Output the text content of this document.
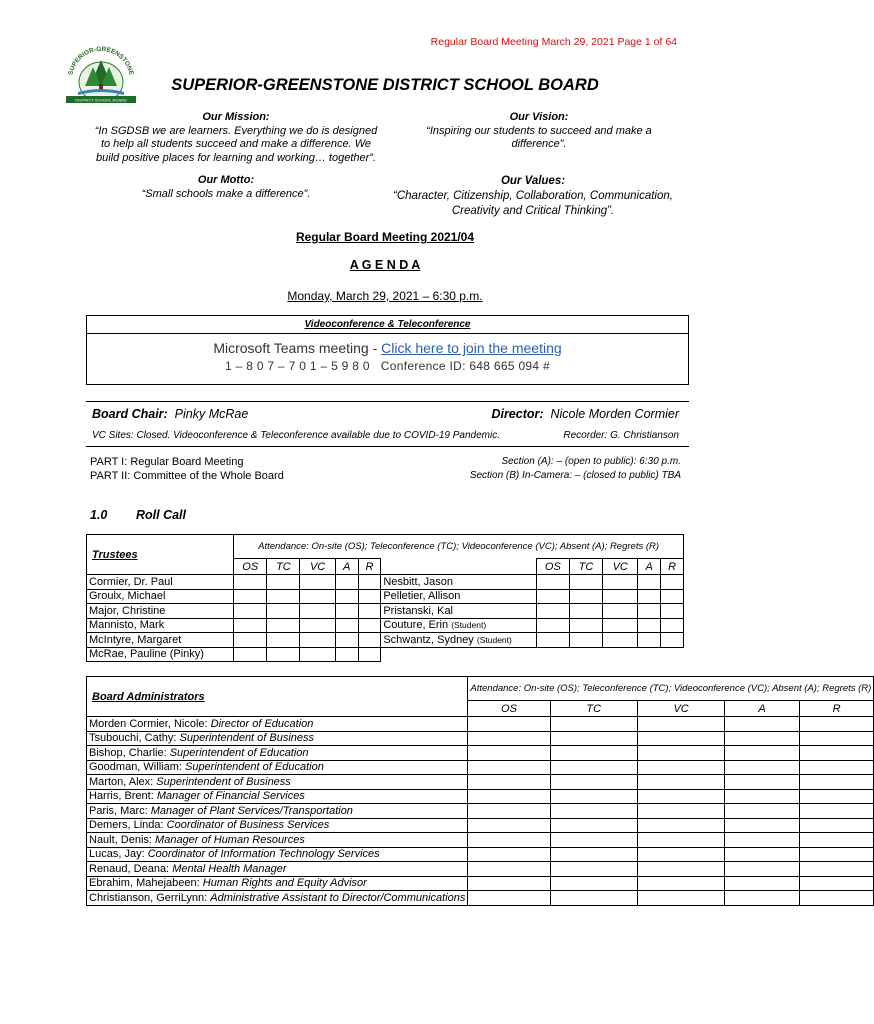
Regular Board Meeting March 29, 2021 Page 1 of 64
SUPERIOR-GREENSTONE
DISTRICT SCHOOL BOARD
SUPERIOR-GREENSTONE DISTRICT SCHOOL BOARD
Our Mission:
“In SGDSB we are learners. Everything we do is designed
to help all students succeed and make a difference. We
build positive places for learning and working… together”.
Our Vision:
“Inspiring our students to succeed and make a
difference”.
Our Motto:
“Small schools make a difference”.
Our Values:
“Character, Citizenship, Collaboration, Communication,
Creativity and Critical Thinking”.
Regular Board Meeting 2021/04
A G E N D A
Monday, March 29, 2021 – 6:30 p.m.
Videoconference & Teleconference
Microsoft Teams meeting - Click here to join the meeting
1 – 8 0 7 – 7 0 1 – 5 9 8 0 Conference ID: 648 665 094 #
Board Chair: Pinky McRae	Director: Nicole Morden Cormier
VC Sites: Closed. Videoconference & Teleconference available due to COVID-19 Pandemic.	Recorder: G. Christianson
PART I: Regular Board Meeting
PART II: Committee of the Whole Board
Section (A): – (open to public): 6:30 p.m.
Section (B) In-Camera: – (closed to public) TBA
1.0 Roll Call
Trustees	Attendance: On-site (OS); Teleconference (TC); Videoconference (VC); Absent (A); Regrets (R)										
	OS	TC	VC	A	R		OS	TC	VC	A	R
Cormier, Dr. Paul						Nesbitt, Jason					
Groulx, Michael						Pelletier, Allison					
Major, Christine						Pristanski, Kal					
Mannisto, Mark						Couture, Erin (Student)					
McIntyre, Margaret						Schwantz, Sydney (Student)					
McRae, Pauline (Pinky)											
Board Administrators	Attendance: On-site (OS); Teleconference (TC); Videoconference (VC); Absent (A); Regrets (R)				
	OS	TC	VC	A	R
Morden Cormier, Nicole: Director of Education					
Tsubouchi, Cathy: Superintendent of Business					
Bishop, Charlie: Superintendent of Education					
Goodman, William: Superintendent of Education					
Marton, Alex: Superintendent of Business					
Harris, Brent: Manager of Financial Services					
Paris, Marc: Manager of Plant Services/Transportation					
Demers, Linda: Coordinator of Business Services					
Nault, Denis: Manager of Human Resources					
Lucas, Jay: Coordinator of Information Technology Services					
Renaud, Deana: Mental Health Manager					
Ebrahim, Mahejabeen: Human Rights and Equity Advisor					
Christianson, GerriLynn: Administrative Assistant to Director/Communications					
